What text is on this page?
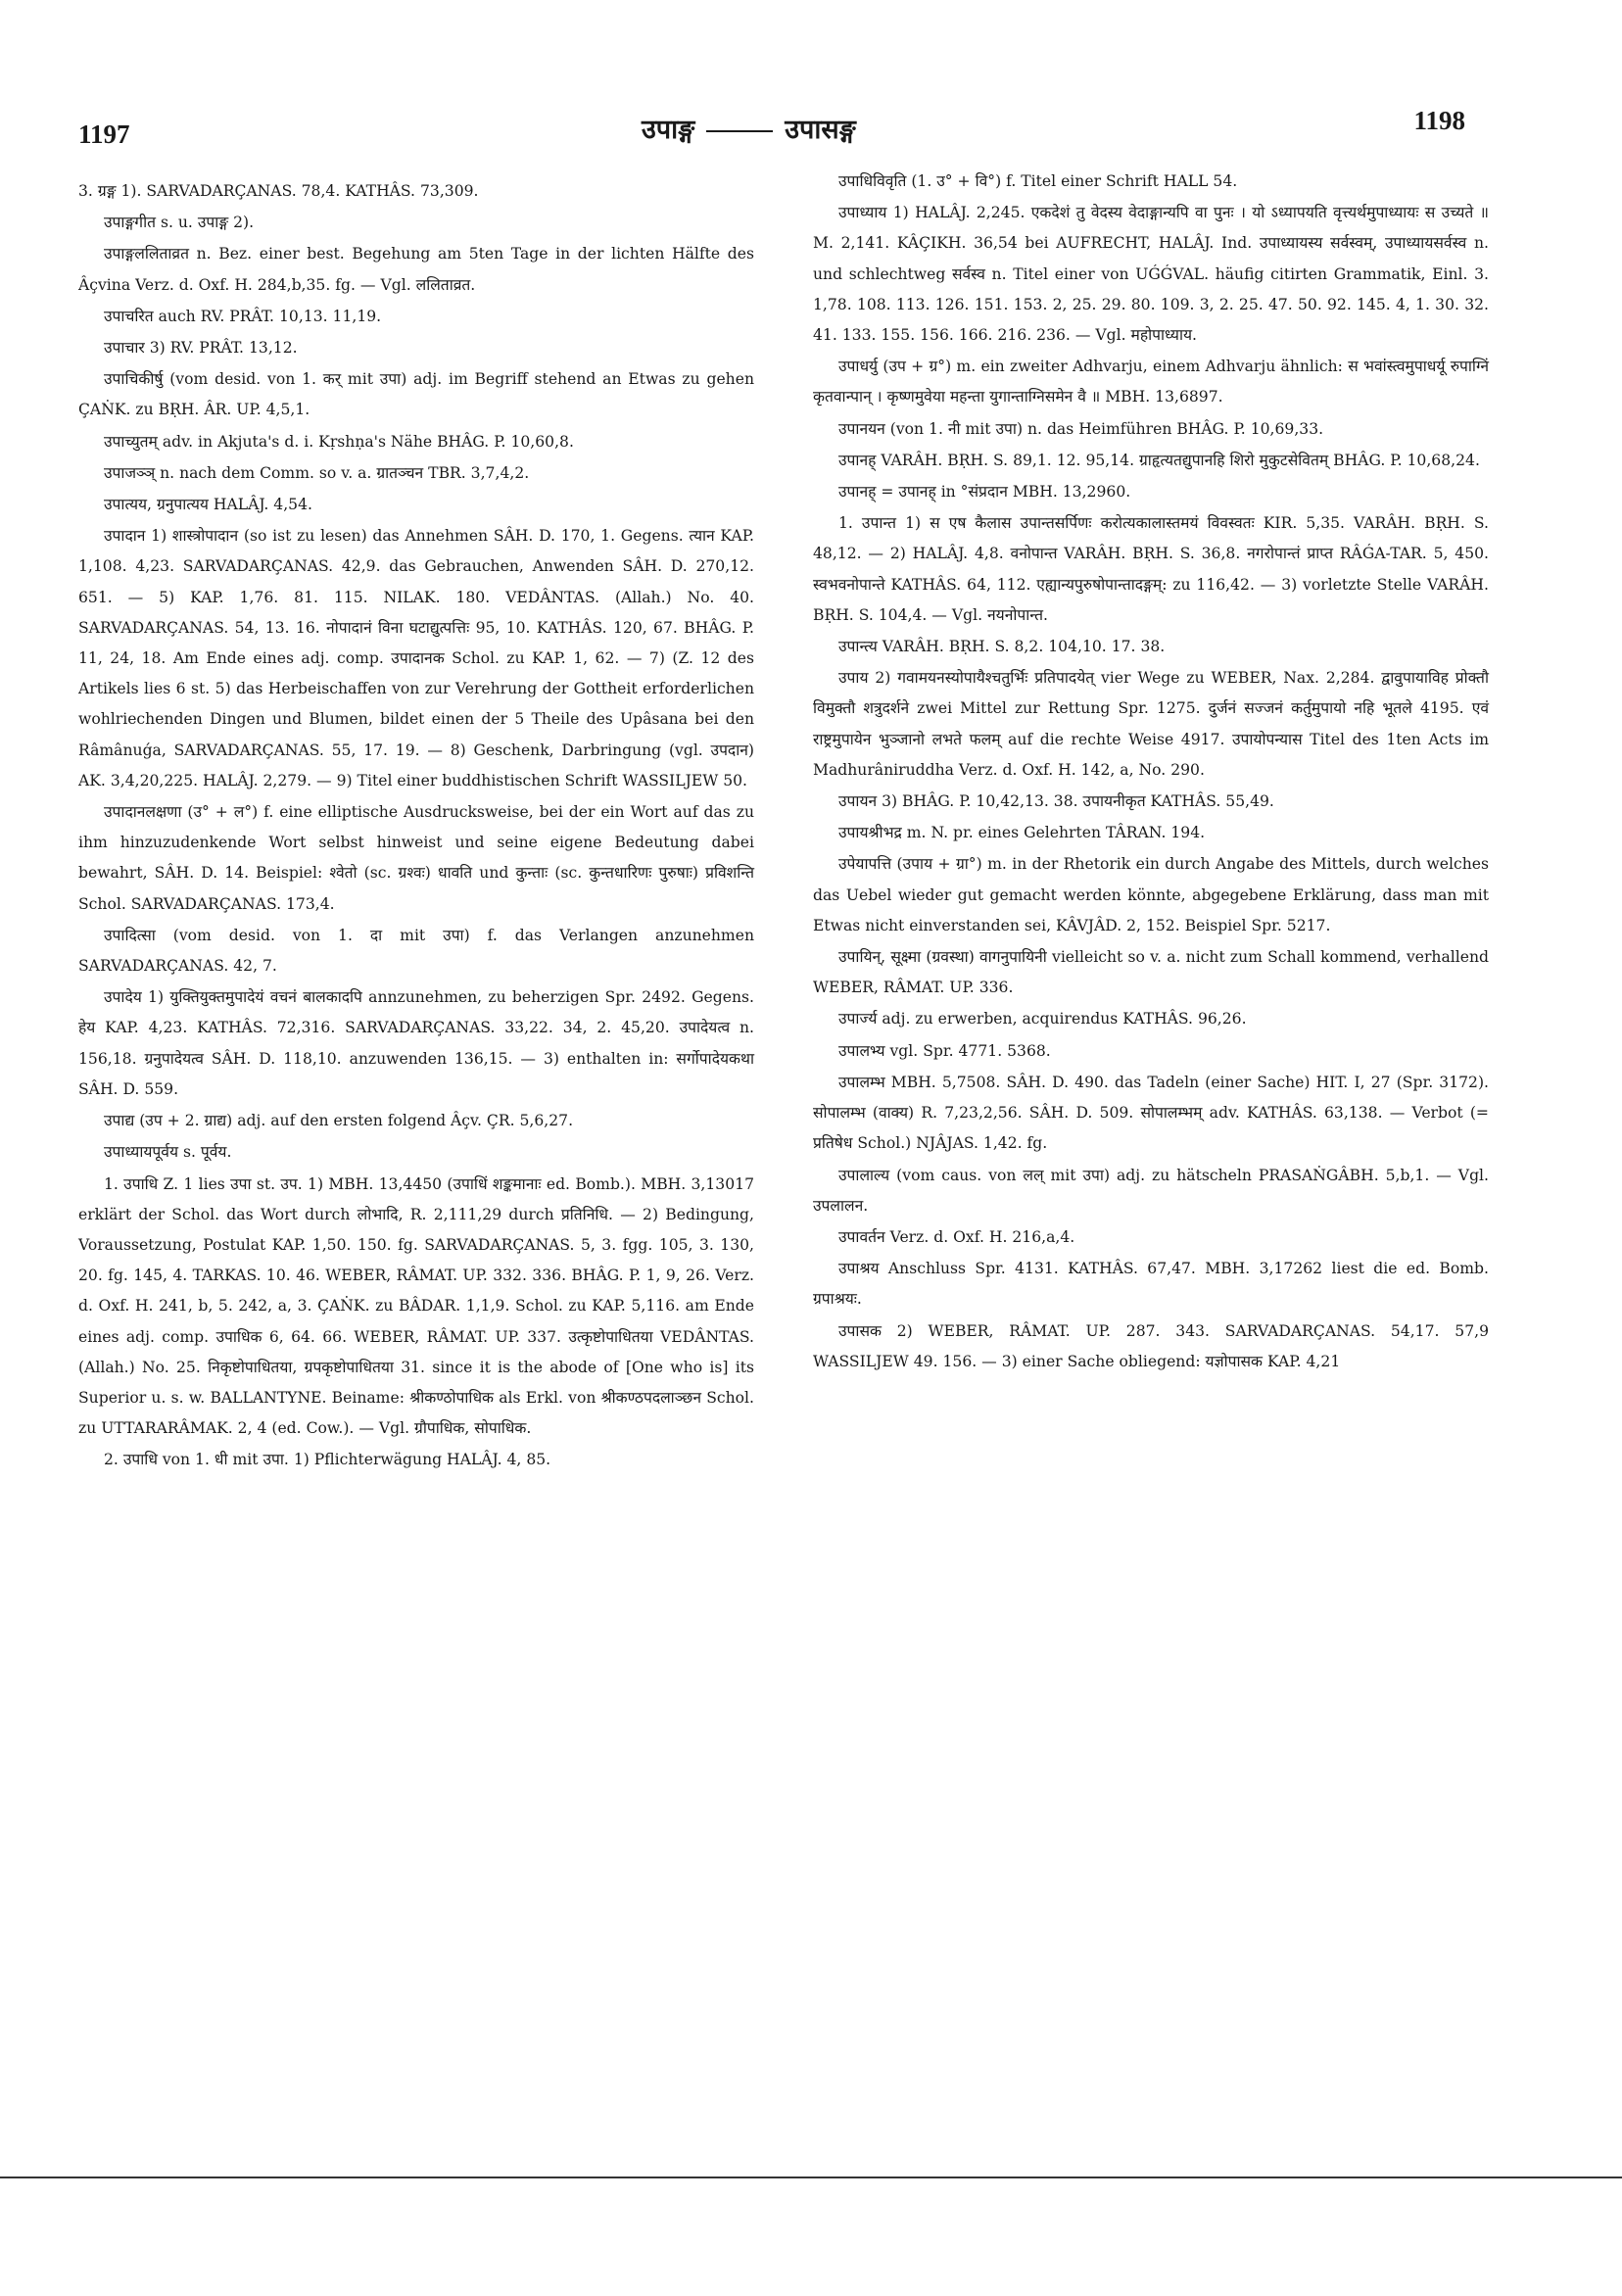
1197	उपाङ्ग	उपासङ्ग	1198

3. ग्रङ्ग 1). SARVADARÇANAS. 78,4. KATHÂS. 73,309.

उपाङ्गगीत s. u. उपाङ्ग 2).

उपाङ्गललिताव्रत n. Bez. einer best. Begehung am 5ten Tage in der lichten Hälfte des Âçvina Verz. d. Oxf. H. 284,b,35. fg. — Vgl. ललिताव्रत.

उपाचरित auch RV. PRÂT. 10,13. 11,19.

उपाचार 3) RV. PRÂT. 13,12.

उपाचिकीर्षु (vom desid. von 1. कर् mit उपा) adj. im Begriff stehend an Etwas zu gehen ÇAṄK. zu BṚH. ÂR. UP. 4,5,1.

उपाच्युतम् adv. in Akjuta's d. i. Kṛshṇa's Nähe BHÂG. P. 10,60,8.

उपाजञ्ञ् n. nach dem Comm. so v. a. ग्रातञ्चन TBR. 3,7,4,2.

उपात्यय, ग्रनुपात्यय HALÂJ. 4,54.

उपादान 1) शास्त्रोपादान (so ist zu lesen) das Annehmen SÂH. D. 170, 1. Gegens. त्यान KAP. 1,108. 4,23. SARVADARÇANAS. 42,9. das Gebrauchen, Anwenden SÂH. D. 270,12. 651. — 5) KAP. 1,76. 81. 115. NILAK. 180. VEDÂNTAS. (Allah.) No. 40. SARVADARÇANAS. 54, 13. 16. नोपादानं विना घटाद्युत्पत्तिः 95, 10. KATHÂS. 120, 67. BHÂG. P. 11, 24, 18. Am Ende eines adj. comp. उपादानक Schol. zu KAP. 1, 62. — 7) (Z. 12 des Artikels lies 6 st. 5) das Herbeischaffen von zur Verehrung der Gottheit erforderlichen wohlriechenden Dingen und Blumen, bildet einen der 5 Theile des Upâsana bei den Râmânuǵa, SARVADARÇANAS. 55, 17. 19. — 8) Geschenk, Darbringung (vgl. उपदान) AK. 3,4,20,225. HALÂJ. 2,279. — 9) Titel einer buddhistischen Schrift WASSILJEW 50.

उपादानलक्षणा (उ° + ल°) f. eine elliptische Ausdrucksweise, bei der ein Wort auf das zu ihm hinzuzudenkende Wort selbst hinweist und seine eigene Bedeutung dabei bewahrt, SÂH. D. 14. Beispiel: श्वेतो (sc. ग्रश्वः) धावति und कुन्ताः (sc. कुन्तधारिणः पुरुषाः) प्रविशन्ति Schol. SARVADARÇANAS. 173,4.

उपादित्सा (vom desid. von 1. दा mit उपा) f. das Verlangen anzunehmen SARVADARÇANAS. 42, 7.

उपादेय 1) युक्तियुक्तमुपादेयं वचनं बालकादपि annzunehmen, zu beherzigen Spr. 2492. Gegens. हेय KAP. 4,23. KATHÂS. 72,316. SARVADARÇANAS. 33,22. 34, 2. 45,20. उपादेयत्व n. 156,18. ग्रनुपादेयत्व SÂH. D. 118,10. anzuwenden 136,15. — 3) enthalten in: सर्गोपादेयकथा SÂH. D. 559.

उपाद्य (उप + 2. ग्राद्य) adj. auf den ersten folgend Âçv. ÇR. 5,6,27.

उपाध्यायपूर्वय s. पूर्वय.

1. उपाधि Z. 1 lies उपा st. उप. 1) MBH. 13,4450 (उपाधिं शङ्कमानाः ed. Bomb.). MBH. 3,13017 erklärt der Schol. das Wort durch लोभादि, R. 2,111,29 durch प्रतिनिधि. — 2) Bedingung, Voraussetzung, Postulat KAP. 1,50. 150. fg. SARVADARÇANAS. 5, 3. fgg. 105, 3. 130, 20. fg. 145, 4. TARKAS. 10. 46. WEBER, RÂMAT. UP. 332. 336. BHÂG. P. 1, 9, 26. Verz. d. Oxf. H. 241, b, 5. 242, a, 3. ÇAṄK. zu BÂDAR. 1,1,9. Schol. zu KAP. 5,116. am Ende eines adj. comp. उपाधिक 6, 64. 66. WEBER, RÂMAT. UP. 337. उत्कृष्टोपाधितया VEDÂNTAS. (Allah.) No. 25. निकृष्टोपाधितया, ग्रपकृष्टोपाधितया 31. since it is the abode of [One who is] its Superior u. s. w. BALLANTYNE. Beiname: श्रीकण्ठोपाधिक als Erkl. von श्रीकण्ठपदलाञ्छन Schol. zu UTTARARÂMAK. 2, 4 (ed. Cow.). — Vgl. ग्रौपाधिक, सोपाधिक.

2. उपाधि von 1. धी mit उपा. 1) Pflichterwägung HALÂJ. 4, 85.

उपाधिविवृति (1. उ° + वि°) f. Titel einer Schrift HALL 54.

उपाध्याय 1) HALÂJ. 2,245. एकदेशं तु वेदस्य वेदाङ्गान्यपि वा पुनः । यो ऽध्यापयति वृत्त्यर्थमुपाध्यायः स उच्यते ॥ M. 2,141. KÂÇIKH. 36,54 bei AUFRECHT, HALÂJ. Ind. उपाध्यायस्य सर्वस्वम्, उपाध्यायसर्वस्व n. und schlechtweg सर्वस्व n. Titel einer von UǴǴVAL. häufig citirten Grammatik, Einl. 3. 1,78. 108. 113. 126. 151. 153. 2, 25. 29. 80. 109. 3, 2. 25. 47. 50. 92. 145. 4, 1. 30. 32. 41. 133. 155. 156. 166. 216. 236. — Vgl. महोपाध्याय.

उपाधर्यु (उप + ग्र°) m. ein zweiter Adhvarju, einem Adhvarju ähnlich: स भवांस्त्वमुपाधर्यू रुपाग्निं कृतवान्पान् । कृष्णमुवेया महन्ता युगान्ताग्निसमेन वै ॥ MBH. 13,6897.

उपानयन (von 1. नी mit उपा) n. das Heimführen BHÂG. P. 10,69,33.

उपानह् VARÂH. BṚH. S. 89,1. 12. 95,14. ग्राहृत्यतद्युपानहि शिरो मुकुटसेवितम् BHÂG. P. 10,68,24.

उपानह् = उपानह् in °संप्रदान MBH. 13,2960.

1. उपान्त 1) स एष कैलास उपान्तसर्पिणः करोत्यकालास्तमयं विवस्वतः KIR. 5,35. VARÂH. BṚH. S. 48,12. — 2) HALÂJ. 4,8. वनोपान्त VARÂH. BṚH. S. 36,8. नगरोपान्तं प्राप्त RÂǴA-TAR. 5, 450. स्वभवनोपान्ते KATHÂS. 64, 112. एह्यान्यपुरुषोपान्तादङ्गम्: zu 116,42. — 3) vorletzte Stelle VARÂH. BṚH. S. 104,4. — Vgl. नयनोपान्त.

उपान्त्य VARÂH. BṚH. S. 8,2. 104,10. 17. 38.

उपाय 2) गवामयनस्योपायैश्चतुर्भिः प्रतिपादयेत् vier Wege zu WEBER, Nax. 2,284. द्वावुपायाविह प्रोक्तौ विमुक्तौ शत्रुदर्शने zwei Mittel zur Rettung Spr. 1275. दुर्जनं सज्जनं कर्तुमुपायो नहि भूतले 4195. एवं राष्ट्रमुपायेन भुञ्जानो लभते फलम् auf die rechte Weise 4917. उपायोपन्यास Titel des 1ten Acts im Madhurâniruddha Verz. d. Oxf. H. 142, a, No. 290.

उपायन 3) BHÂG. P. 10,42,13. 38. उपायनीकृत KATHÂS. 55,49.

उपायश्रीभद्र m. N. pr. eines Gelehrten TÂRAN. 194.

उपेयापत्ति (उपाय + ग्रा°) m. in der Rhetorik ein durch Angabe des Mittels, durch welches das Uebel wieder gut gemacht werden könnte, abgegebene Erklärung, dass man mit Etwas nicht einverstanden sei, KÂVJÂD. 2, 152. Beispiel Spr. 5217.

उपायिन्, सूक्ष्मा (ग्रवस्था) वागनुपायिनी vielleicht so v. a. nicht zum Schall kommend, verhallend WEBER, RÂMAT. UP. 336.

उपार्ज्य adj. zu erwerben, acquirendus KATHÂS. 96,26.

उपालभ्य vgl. Spr. 4771. 5368.

उपालम्भ MBH. 5,7508. SÂH. D. 490. das Tadeln (einer Sache) HIT. I, 27 (Spr. 3172). सोपालम्भ (वाक्य) R. 7,23,2,56. SÂH. D. 509. सोपालम्भम् adv. KATHÂS. 63,138. — Verbot (= प्रतिषेध Schol.) NJÂJAS. 1,42. fg.

उपालाल्य (vom caus. von लल् mit उपा) adj. zu hätscheln PRASAṄGÂBH. 5,b,1. — Vgl. उपलालन.

उपावर्तन Verz. d. Oxf. H. 216,a,4.

उपाश्रय Anschluss Spr. 4131. KATHÂS. 67,47. MBH. 3,17262 liest die ed. Bomb. ग्रपाश्रयः.

उपासक 2) WEBER, RÂMAT. UP. 287. 343. SARVADARÇANAS. 54,17. 57,9 WASSILJEW 49. 156. — 3) einer Sache obliegend: यज्ञोपासक KAP. 4,21
